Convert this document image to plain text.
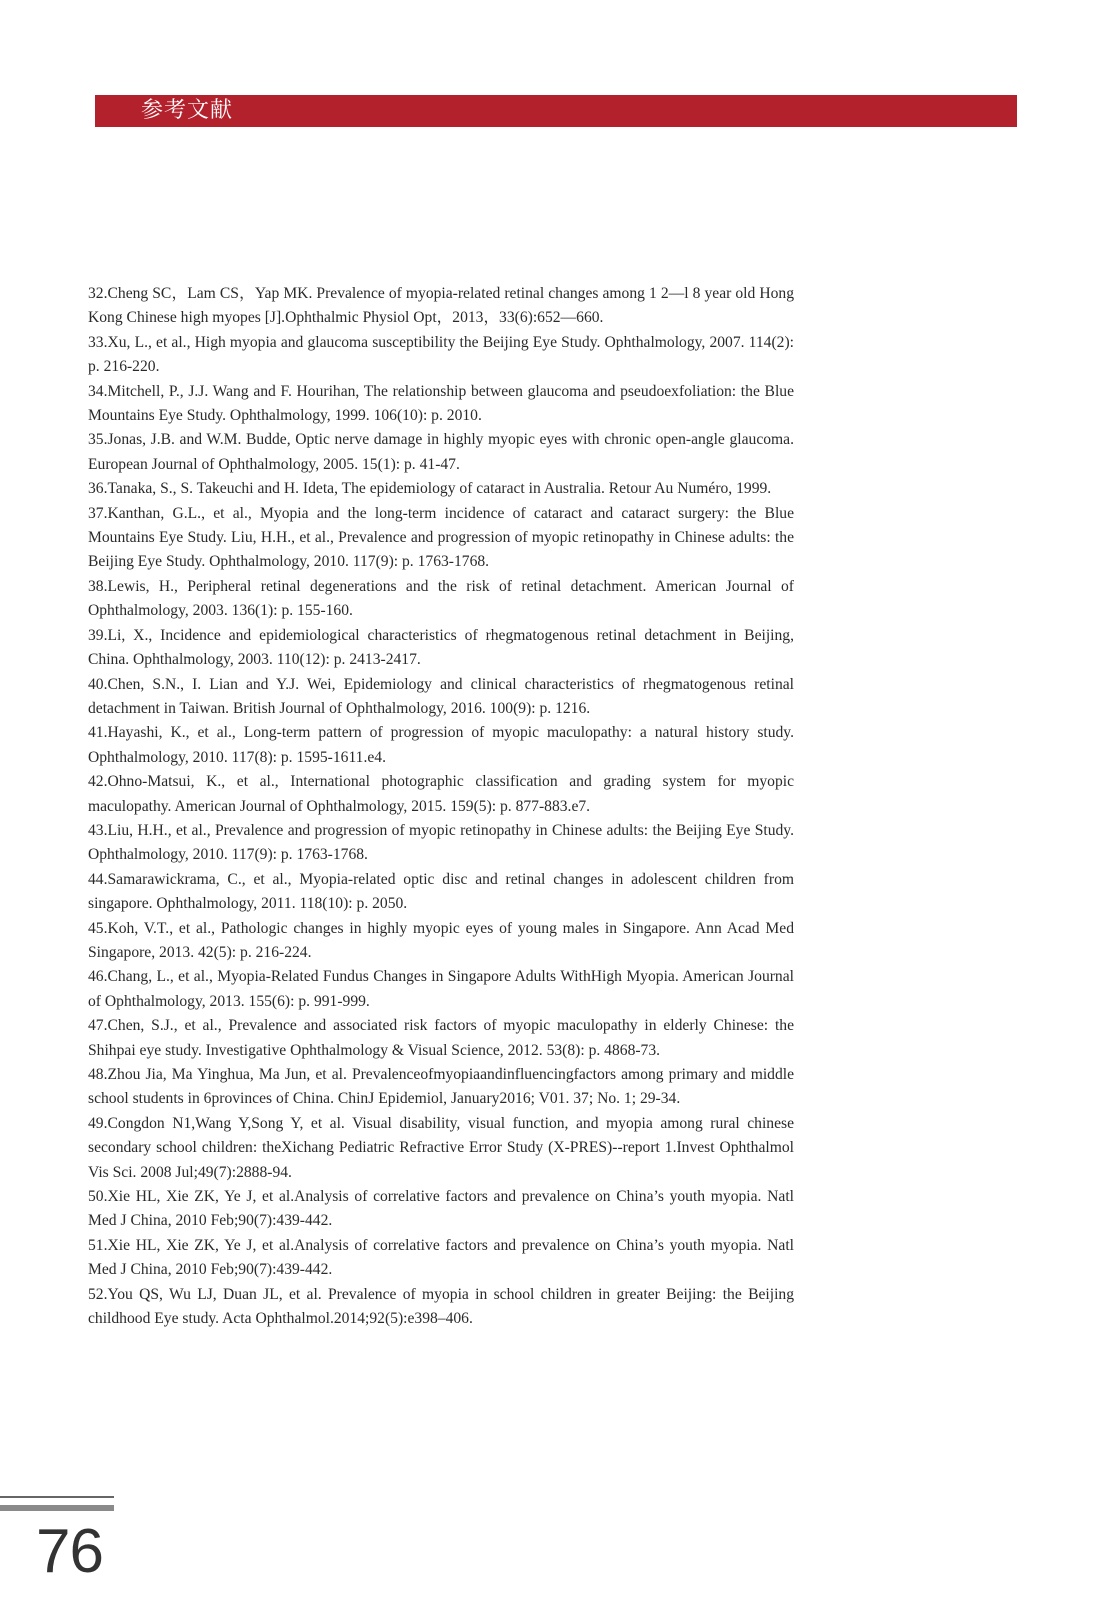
参考文献

32.Cheng SC，Lam CS，Yap MK. Prevalence of myopia-related retinal changes among 1 2—l 8 year old Hong Kong Chinese high myopes [J].Ophthalmic Physiol Opt，2013，33(6):652—660.

33.Xu, L., et al., High myopia and glaucoma susceptibility the Beijing Eye Study. Ophthalmology, 2007. 114(2): p. 216-220.

34.Mitchell, P., J.J. Wang and F. Hourihan, The relationship between glaucoma and pseudoexfoliation: the Blue Mountains Eye Study. Ophthalmology, 1999. 106(10): p. 2010.

35.Jonas, J.B. and W.M. Budde, Optic nerve damage in highly myopic eyes with chronic open-angle glaucoma. European Journal of Ophthalmology, 2005. 15(1): p. 41-47.

36.Tanaka, S., S. Takeuchi and H. Ideta, The epidemiology of cataract in Australia. Retour Au Numéro, 1999.

37.Kanthan, G.L., et al., Myopia and the long‐term incidence of cataract and cataract surgery: the Blue Mountains Eye Study. Liu, H.H., et al., Prevalence and progression of myopic retinopathy in Chinese adults: the Beijing Eye Study. Ophthalmology, 2010. 117(9): p. 1763-1768.

38.Lewis, H., Peripheral retinal degenerations and the risk of retinal detachment. American Journal of Ophthalmology, 2003. 136(1): p. 155-160.

39.Li, X., Incidence and epidemiological characteristics of rhegmatogenous retinal detachment in Beijing, China. Ophthalmology, 2003. 110(12): p. 2413-2417.

40.Chen, S.N., I. Lian and Y.J. Wei, Epidemiology and clinical characteristics of rhegmatogenous retinal detachment in Taiwan. British Journal of Ophthalmology, 2016. 100(9): p. 1216.

41.Hayashi, K., et al., Long-term pattern of progression of myopic maculopathy: a natural history study. Ophthalmology, 2010. 117(8): p. 1595-1611.e4.

42.Ohno-Matsui, K., et al., International photographic classification and grading system for myopic maculopathy. American Journal of Ophthalmology, 2015. 159(5): p. 877-883.e7.

43.Liu, H.H., et al., Prevalence and progression of myopic retinopathy in Chinese adults: the Beijing Eye Study. Ophthalmology, 2010. 117(9): p. 1763-1768.

44.Samarawickrama, C., et al., Myopia-related optic disc and retinal changes in adolescent children from singapore. Ophthalmology, 2011. 118(10): p. 2050.

45.Koh, V.T., et al., Pathologic changes in highly myopic eyes of young males in Singapore. Ann Acad Med Singapore, 2013. 42(5): p. 216-224.

46.Chang, L., et al., Myopia-Related Fundus Changes in Singapore Adults WithHigh Myopia. American Journal of Ophthalmology, 2013. 155(6): p. 991-999.

47.Chen, S.J., et al., Prevalence and associated risk factors of myopic maculopathy in elderly Chinese: the Shihpai eye study. Investigative Ophthalmology & Visual Science, 2012. 53(8): p. 4868-73.

48.Zhou Jia, Ma Yinghua, Ma Jun, et al. Prevalenceofmyopiaandinfluencingfactors among primary and middle school students in 6provinces of China. ChinJ Epidemiol, January2016; V01. 37; No. 1; 29-34.

49.Congdon N1,Wang Y,Song Y, et al. Visual disability, visual function, and myopia among rural chinese secondary school children: theXichang Pediatric Refractive Error Study (X-PRES)--report 1.Invest Ophthalmol Vis Sci. 2008 Jul;49(7):2888-94.

50.Xie HL, Xie ZK, Ye J, et al.Analysis of correlative factors and prevalence on China’s youth myopia. Natl Med J China, 2010 Feb;90(7):439-442.

51.Xie HL, Xie ZK, Ye J, et al.Analysis of correlative factors and prevalence on China’s youth myopia. Natl Med J China, 2010 Feb;90(7):439-442.

52.You QS, Wu LJ, Duan JL, et al. Prevalence of myopia in school children in greater Beijing: the Beijing childhood Eye study. Acta Ophthalmol.2014;92(5):e398–406.

76
